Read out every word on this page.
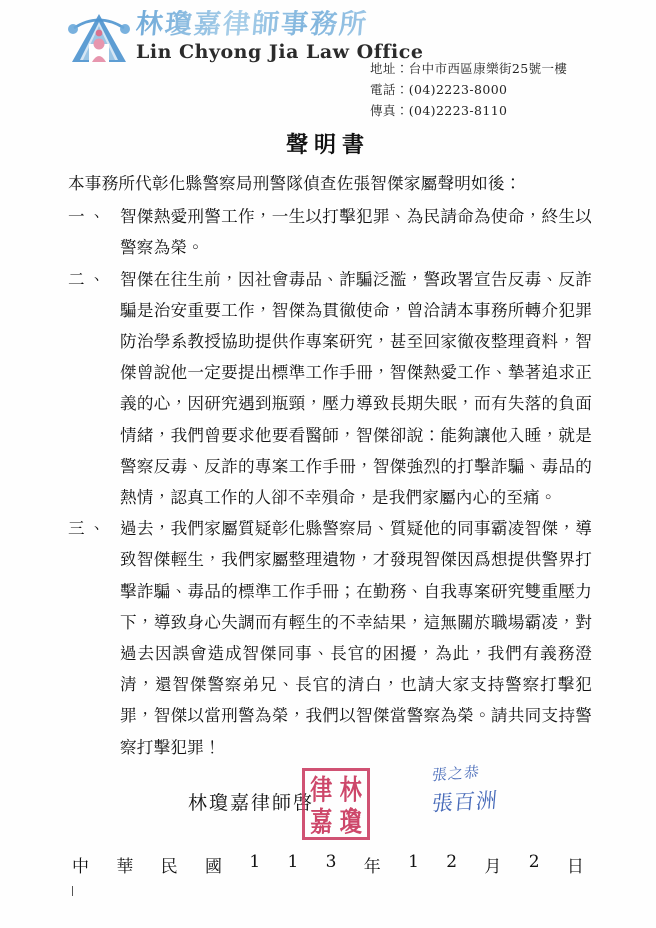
林瓊嘉律師事務所
Lin Chyong Jia Law Office
地址：台中市西區康樂街25號一樓
電話：(04)2223-8000
傳真：(04)2223-8110
聲明書

本事務所代彰化縣警察局刑警隊偵查佐張智傑家屬聲明如後：

一、 智傑熱愛刑警工作，一生以打擊犯罪、為民請命為使命，終生以警察為榮。
二、 智傑在往生前，因社會毒品、詐騙泛濫，警政署宣告反毒、反詐騙是治安重要工作，智傑為貫徹使命，曾洽請本事務所轉介犯罪防治學系教授協助提供作專案研究，甚至回家徹夜整理資料，智傑曾說他一定要提出標準工作手冊，智傑熱愛工作、摯著追求正義的心，因研究遇到瓶頸，壓力導致長期失眠，而有失落的負面情緒，我們曾要求他要看醫師，智傑卻說：能夠讓他入睡，就是警察反毒、反詐的專案工作手冊，智傑強烈的打擊詐騙、毒品的熱情，認真工作的人卻不幸殞命，是我們家屬內心的至痛。
三、 過去，我們家屬質疑彰化縣警察局、質疑他的同事霸凌智傑，導致智傑輕生，我們家屬整理遺物，才發現智傑因爲想提供警界打擊詐騙、毒品的標準工作手冊；在勤務、自我專案研究雙重壓力下，導致身心失調而有輕生的不幸結果，這無關於職場霸凌，對過去因誤會造成智傑同事、長官的困擾，為此，我們有義務澄清，還智傑警察弟兄、長官的清白，也請大家支持警察打擊犯罪，智傑以當刑警為榮，我們以智傑當警察為榮。請共同支持警察打擊犯罪！
林瓊嘉律師啓
律 林
嘉 瓊
張之恭
張百洲
中 華 民 國 1 1 3 年 1 2 月 2 日
